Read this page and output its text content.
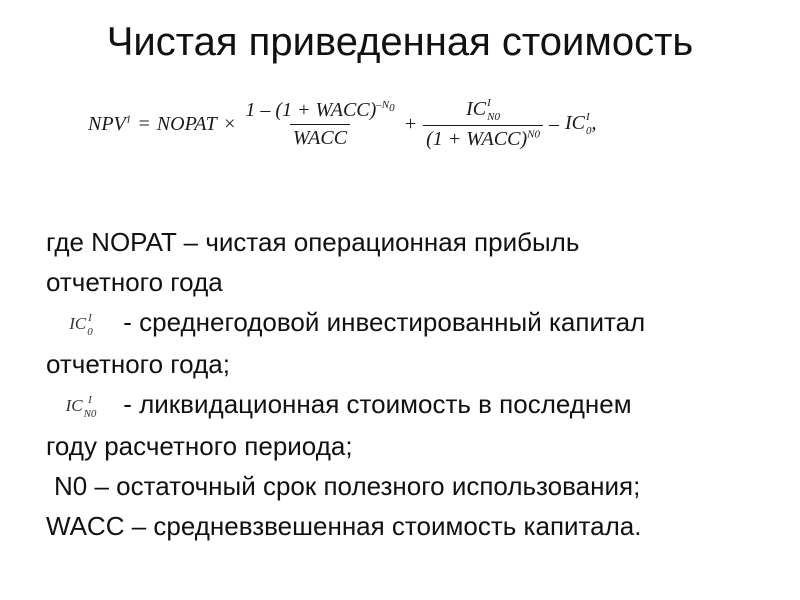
Чистая приведенная стоимость
$NPV^1$ = NOPAT × $\frac{1 - (1 + WACC)^{-N_0}}{\text{WACC}}$ + IC I
N0
(1 + WACC)$^{N0}$ – IC I
0 ,
где NOPAT – чистая операционная прибыль
отчетного года
IC I
0 - среднегодовой инвестированный капитал
отчетного года;
IC I
N0 - ликвидационная стоимость в последнем
году расчетного периода;
N0 – остаточный срок полезного использования;
WACC – средневзвешенная стоимость капитала.
